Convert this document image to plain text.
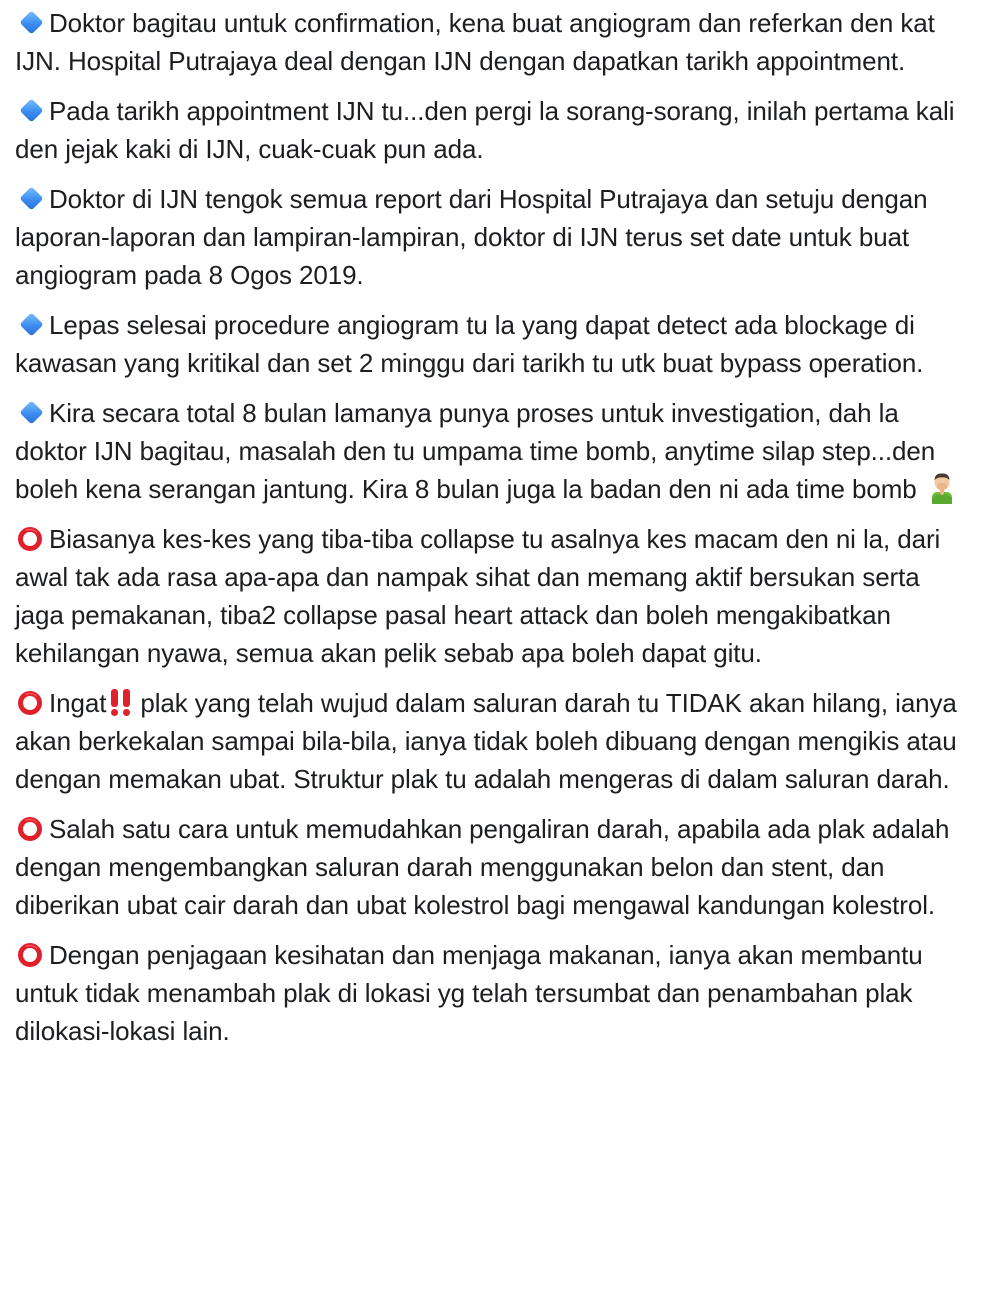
Doktor bagitau untuk confirmation, kena buat angiogram dan referkan den kat IJN. Hospital Putrajaya deal dengan IJN dengan dapatkan tarikh appointment.

Pada tarikh appointment IJN tu...den pergi la sorang-sorang, inilah pertama kali den jejak kaki di IJN, cuak-cuak pun ada.

Doktor di IJN tengok semua report dari Hospital Putrajaya dan setuju dengan laporan-laporan dan lampiran-lampiran, doktor di IJN terus set date untuk buat angiogram pada 8 Ogos 2019.

Lepas selesai procedure angiogram tu la yang dapat detect ada blockage di kawasan yang kritikal dan set 2 minggu dari tarikh tu utk buat bypass operation.

Kira secara total 8 bulan lamanya punya proses untuk investigation, dah la doktor IJN bagitau, masalah den tu umpama time bomb, anytime silap step...den boleh kena serangan jantung. Kira 8 bulan juga la badan den ni ada time bomb

Biasanya kes-kes yang tiba-tiba collapse tu asalnya kes macam den ni la, dari awal tak ada rasa apa-apa dan nampak sihat dan memang aktif bersukan serta jaga pemakanan, tiba2 collapse pasal heart attack dan boleh mengakibatkan kehilangan nyawa, semua akan pelik sebab apa boleh dapat gitu.

Ingat plak yang telah wujud dalam saluran darah tu TIDAK akan hilang, ianya akan berkekalan sampai bila-bila, ianya tidak boleh dibuang dengan mengikis atau dengan memakan ubat. Struktur plak tu adalah mengeras di dalam saluran darah.

Salah satu cara untuk memudahkan pengaliran darah, apabila ada plak adalah dengan mengembangkan saluran darah menggunakan belon dan stent, dan diberikan ubat cair darah dan ubat kolestrol bagi mengawal kandungan kolestrol.

Dengan penjagaan kesihatan dan menjaga makanan, ianya akan membantu untuk tidak menambah plak di lokasi yg telah tersumbat dan penambahan plak dilokasi-lokasi lain.
